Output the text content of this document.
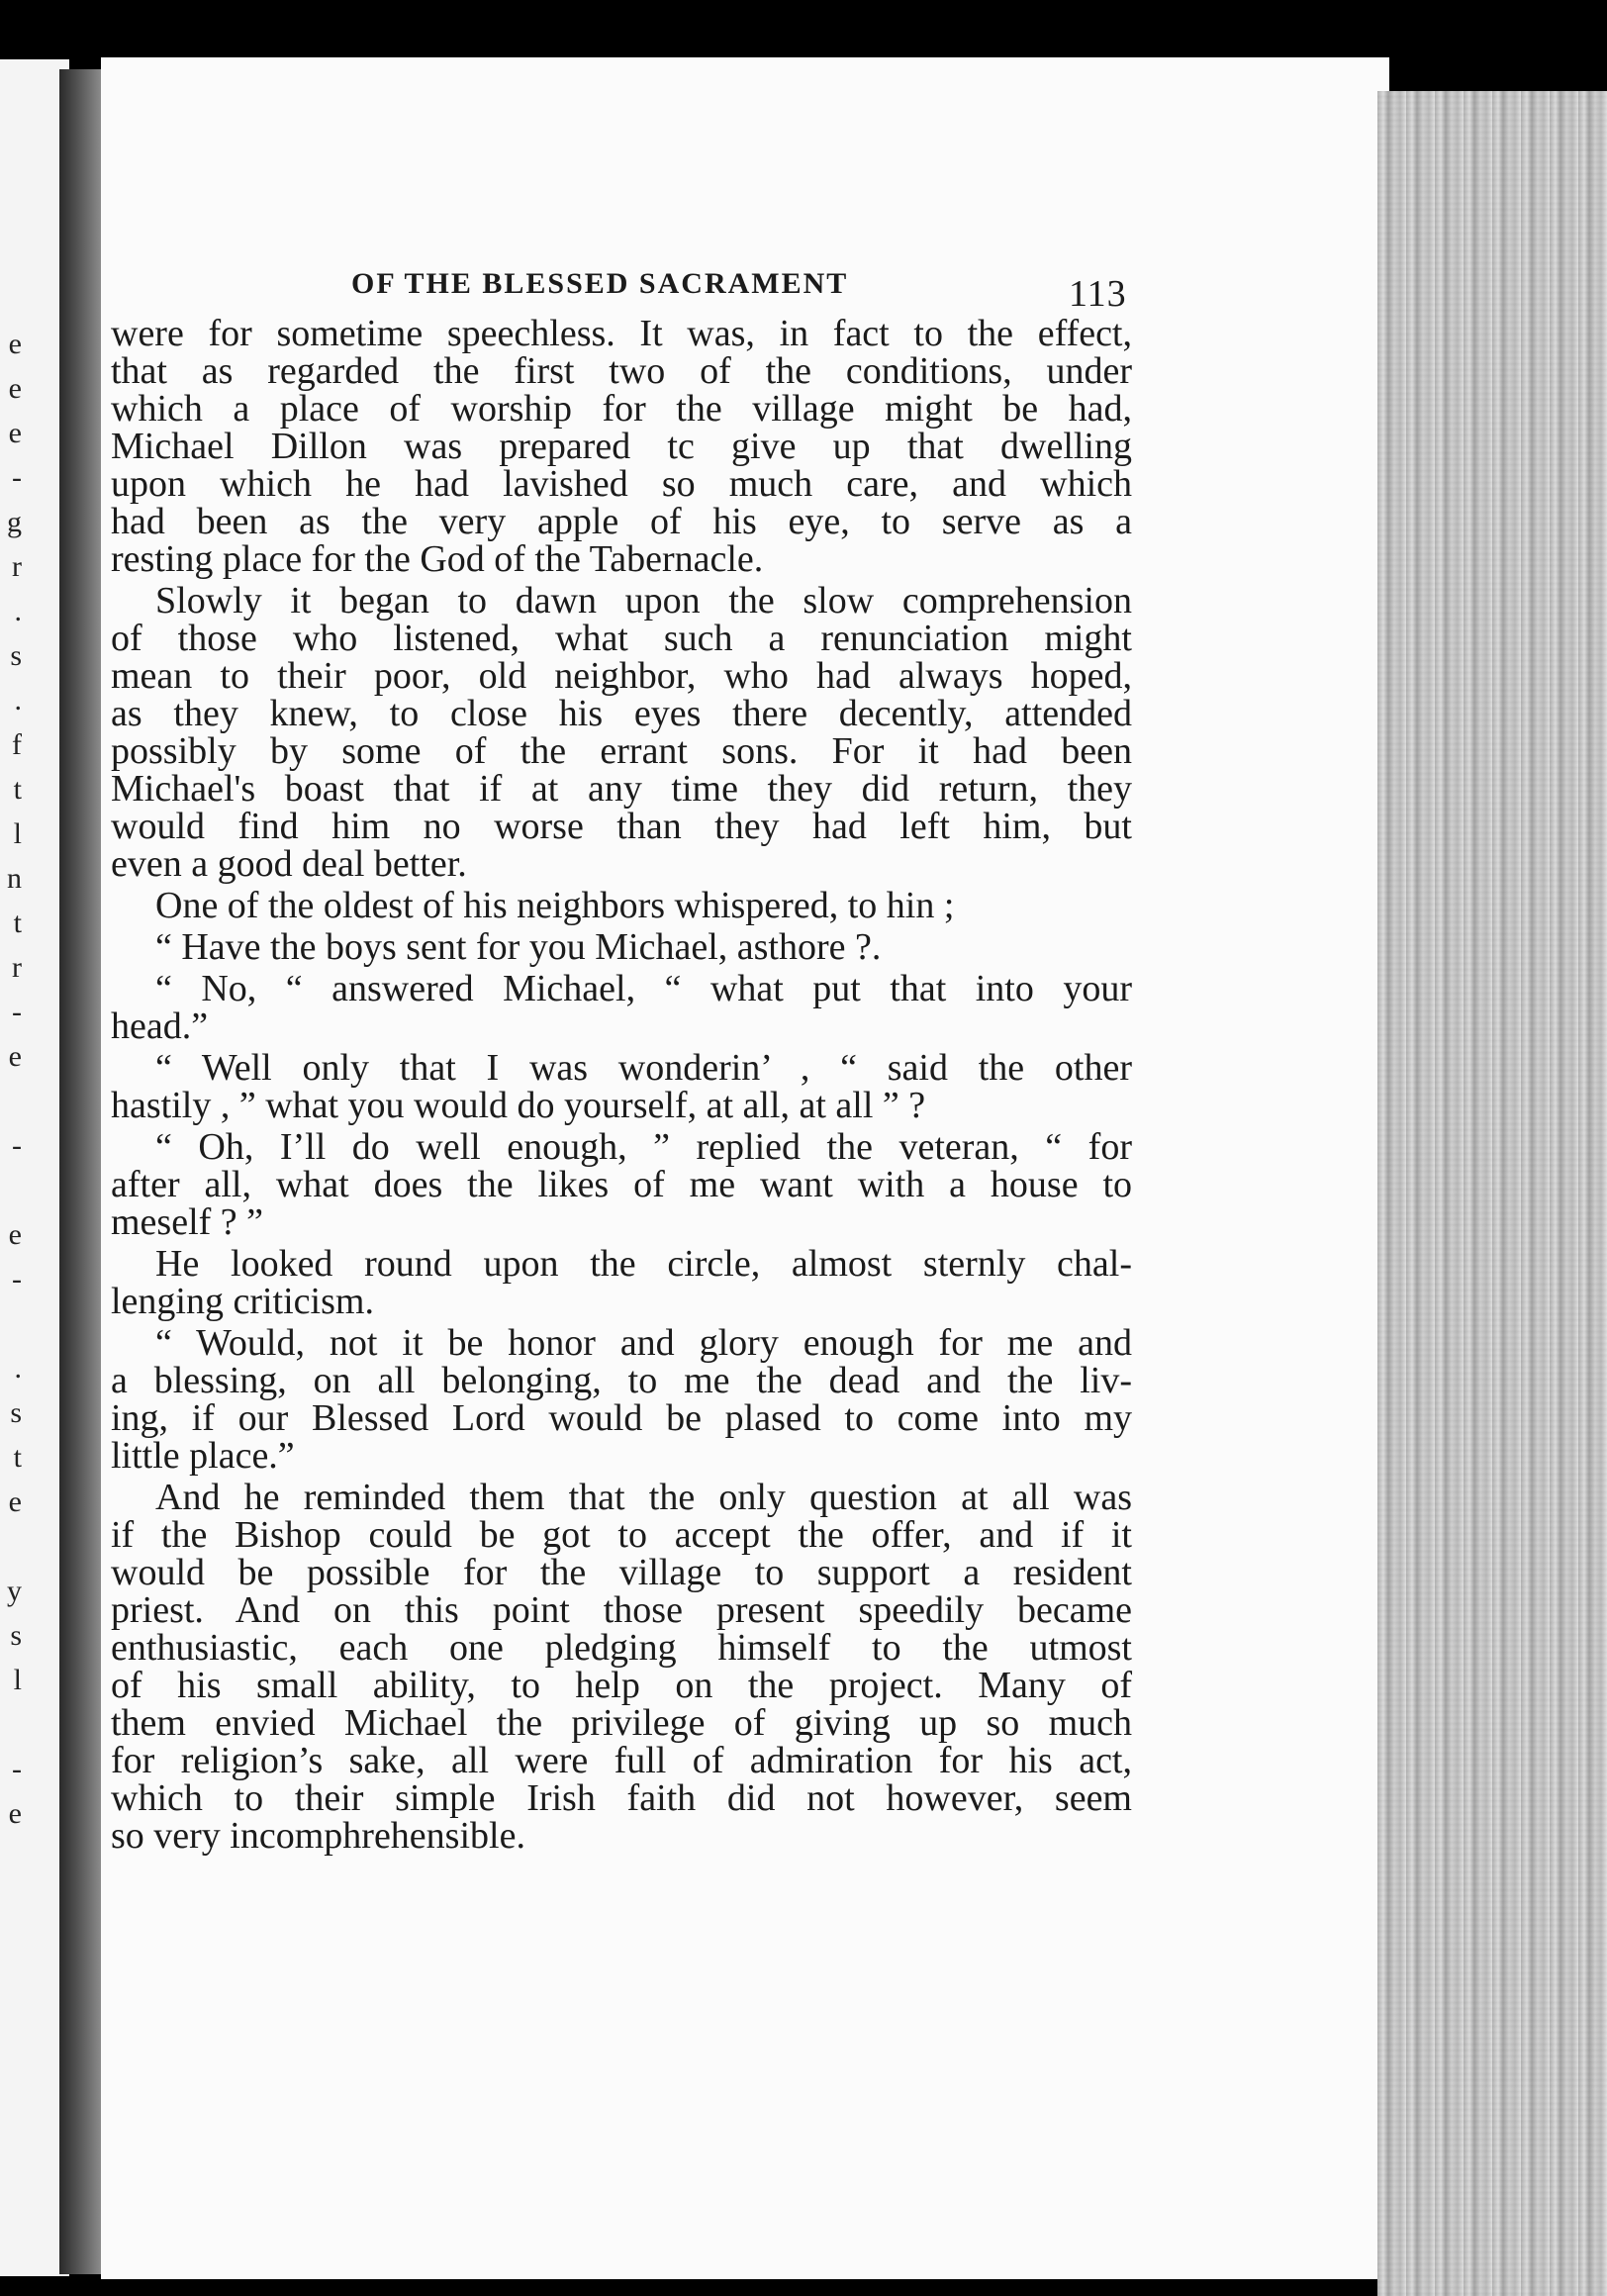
e
e
e
-
g
r
.
s
.
f
t
l
n
t
r
-
e
-
e
-
.
s
t
e
y
s
l
-
e
OF THE BLESSED SACRAMENT	113
were for sometime speechless. It was, in fact to the effect,
that as regarded the first two of the conditions, under
which a place of worship for the village might be had,
Michael Dillon was prepared tc give up that dwelling
upon which he had lavished so much care, and which
had been as the very apple of his eye, to serve as a
resting place for the God of the Tabernacle.
Slowly it began to dawn upon the slow comprehension
of those who listened, what such a renunciation might
mean to their poor, old neighbor, who had always hoped,
as they knew, to close his eyes there decently, attended
possibly by some of the errant sons. For it had been
Michael's boast that if at any time they did return, they
would find him no worse than they had left him, but
even a good deal better.
One of the oldest of his neighbors whispered, to hin ;
“ Have the boys sent for you Michael, asthore ?.
“ No, “ answered Michael, “ what put that into your
head.”
“ Well only that I was wonderin’ , “ said the other
hastily , ” what you would do yourself, at all, at all ” ?
“ Oh, I’ll do well enough, ” replied the veteran, “ for
after all, what does the likes of me want with a house to
meself ? ”
He looked round upon the circle, almost sternly chal-
lenging criticism.
“ Would, not it be honor and glory enough for me and
a blessing, on all belonging, to me the dead and the liv-
ing, if our Blessed Lord would be plased to come into my
little place.”
And he reminded them that the only question at all was
if the Bishop could be got to accept the offer, and if it
would be possible for the village to support a resident
priest. And on this point those present speedily became
enthusiastic, each one pledging himself to the utmost
of his small ability, to help on the project. Many of
them envied Michael the privilege of giving up so much
for religion’s sake, all were full of admiration for his act,
which to their simple Irish faith did not however, seem
so very incomphrehensible.
